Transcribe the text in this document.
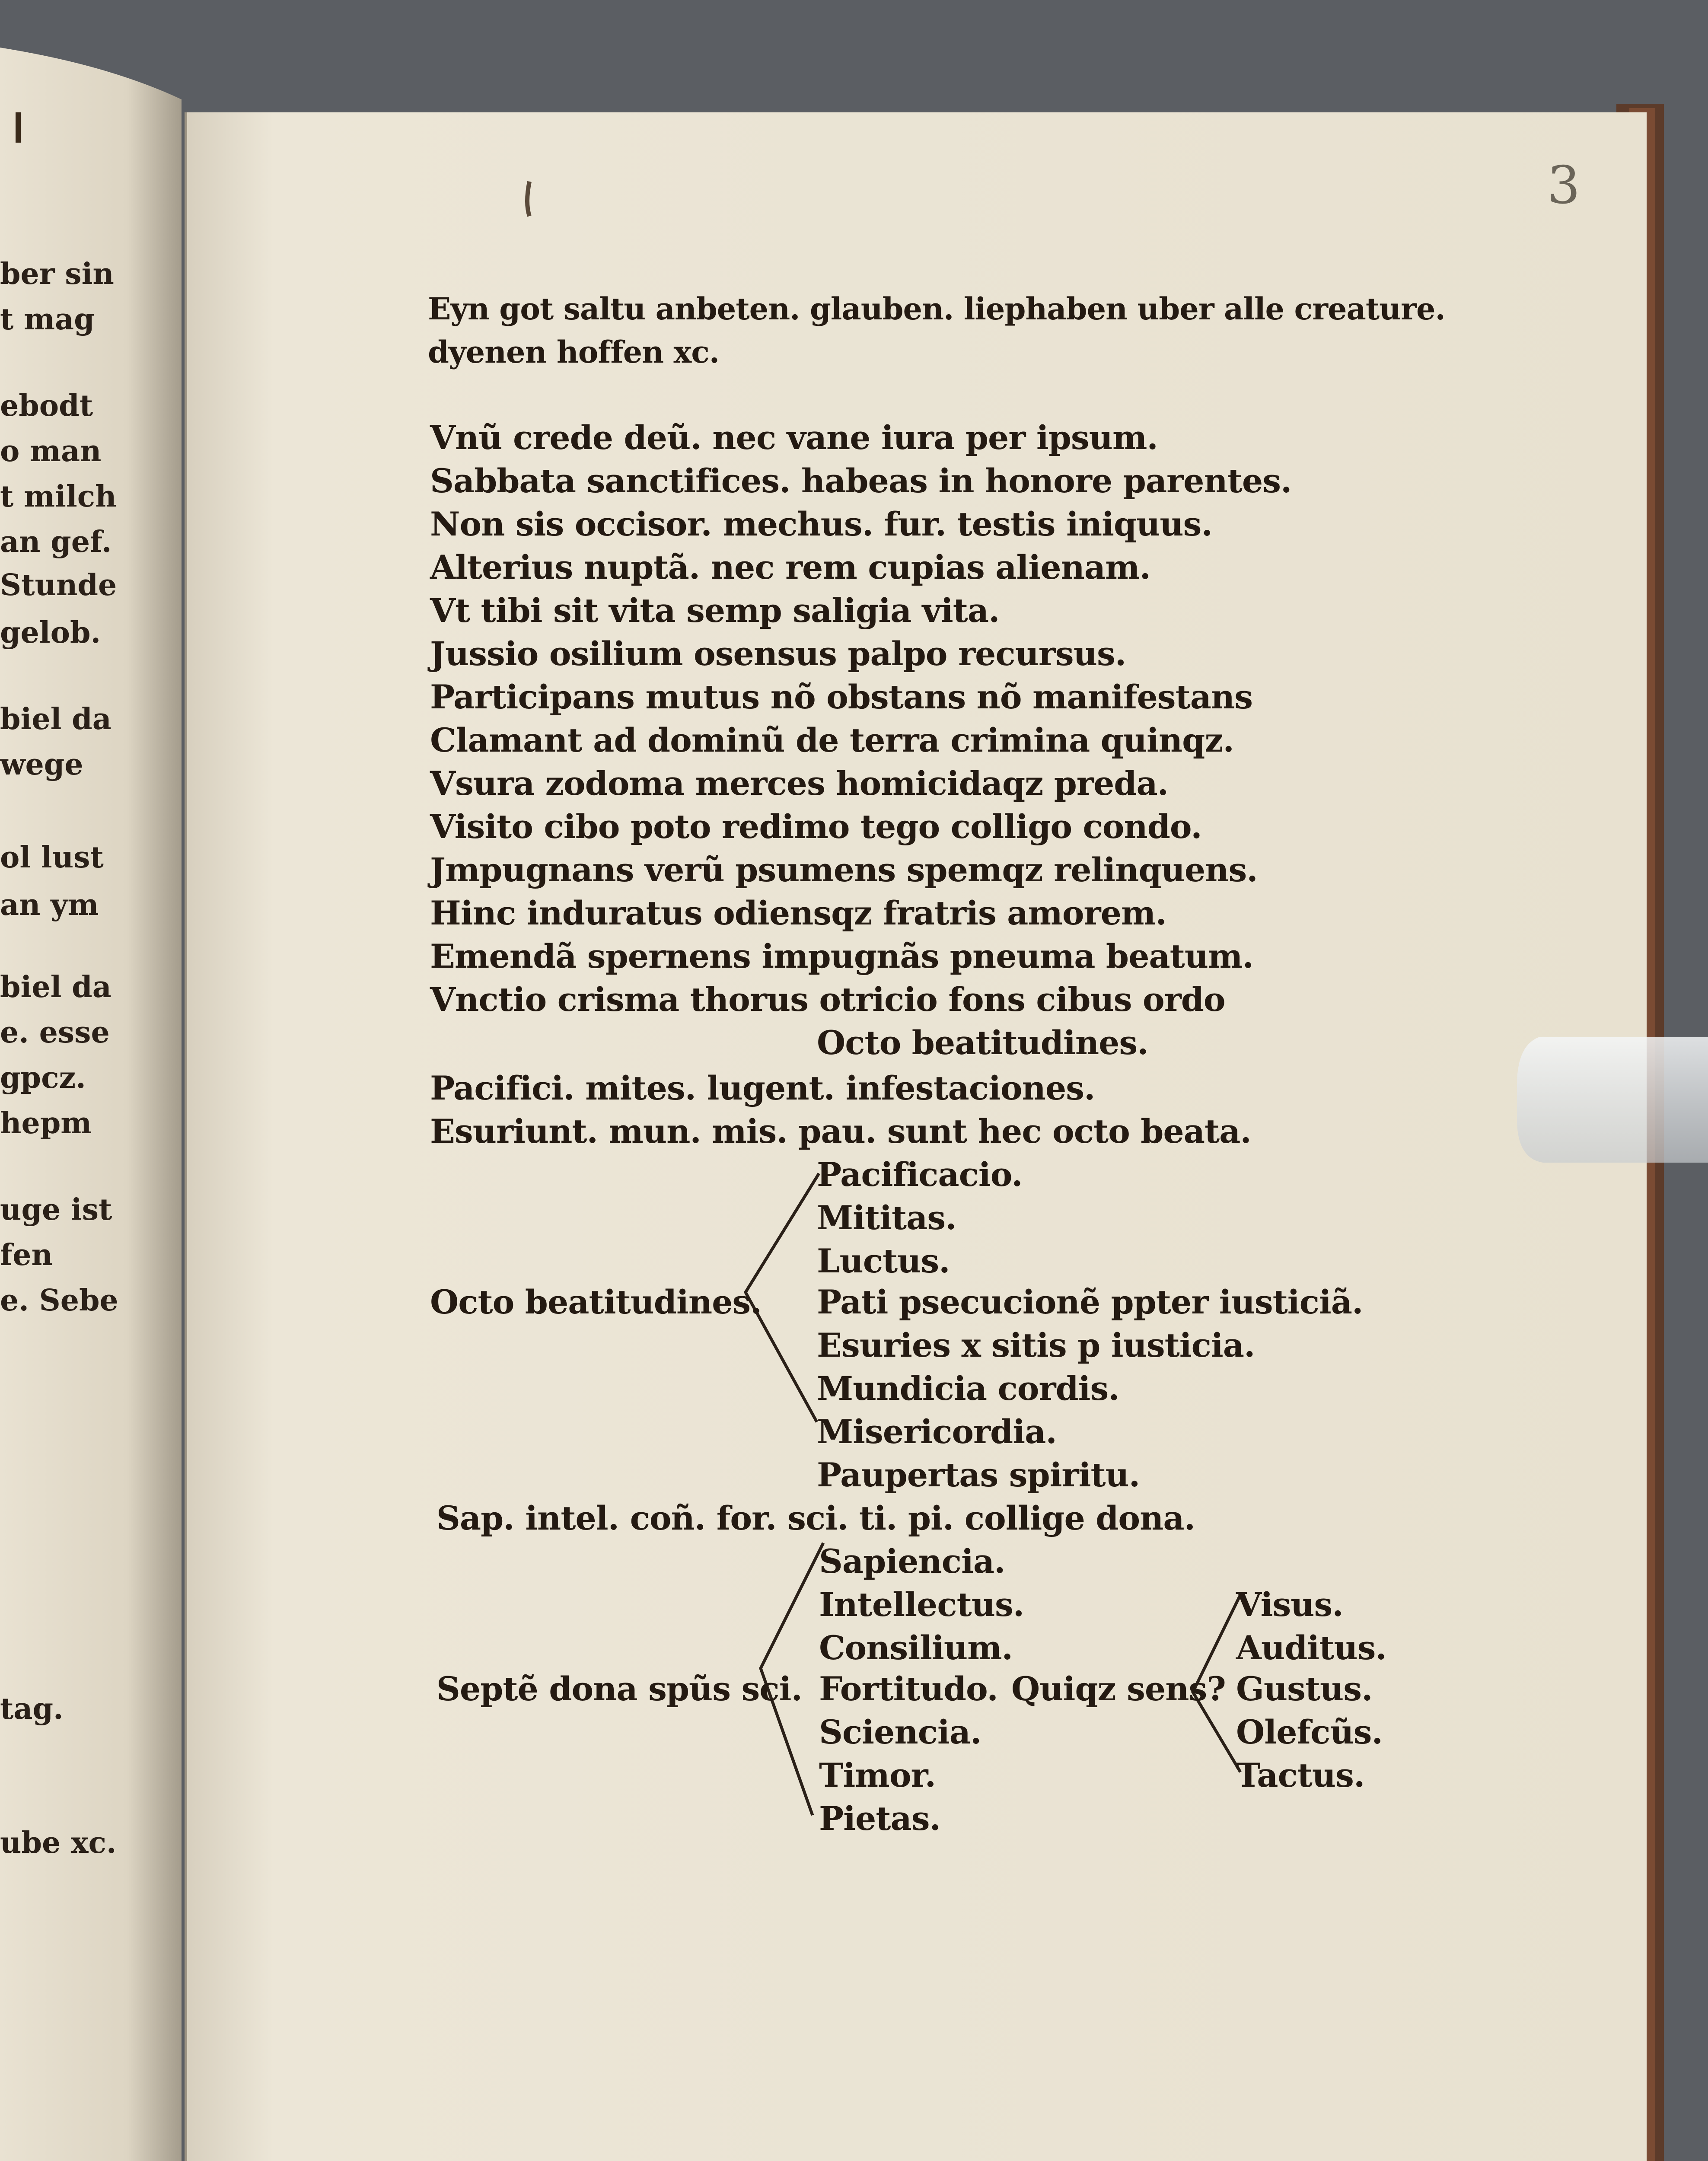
3
ber sin
t mag
ebodt
o man
t milch
an gef.
Stunde
gelob.
biel da
wege
ol lust
an ym
biel da
e. esse
gpcz.
hepm
uge ist
fen
e. Sebe
tag.
ube xc.
Eyn got saltu anbeten. glauben. liephaben uber alle creature.
dyenen hoffen xc.
Vnũ crede deũ. nec vane iura per ipsum.
Sabbata sanctifices. habeas in honore parentes.
Non sis occisor. mechus. fur. testis iniquus.
Alterius nuptã. nec rem cupias alienam.
Vt tibi sit vita semp saligia vita.
Jussio osilium osensus palpo recursus.
Participans mutus nõ obstans nõ manifestans
Clamant ad dominũ de terra crimina quinqz.
Vsura zodoma merces homicidaqz preda.
Visito cibo poto redimo tego colligo condo.
Jmpugnans verũ psumens spemqz relinquens.
Hinc induratus odiensqz fratris amorem.
Emendã spernens impugnãs pneuma beatum.
Vnctio crisma thorus otricio fons cibus ordo
Octo beatitudines.
Pacifici. mites. lugent. infestaciones.
Esuriunt. mun. mis. pau. sunt hec octo beata.
Octo beatitudines.
Pacificacio.
Mititas.
Luctus.
Pati psecucionẽ ppter iusticiã.
Esuries x sitis p iusticia.
Mundicia cordis.
Misericordia.
Paupertas spiritu.
Sap. intel. coñ. for. sci. ti. pi. collige dona.
Septẽ dona spũs sci.
Sapiencia.
Intellectus.
Consilium.
Fortitudo.
Sciencia.
Timor.
Pietas.
Quiqz sens?
Visus.
Auditus.
Gustus.
Olefcũs.
Tactus.
